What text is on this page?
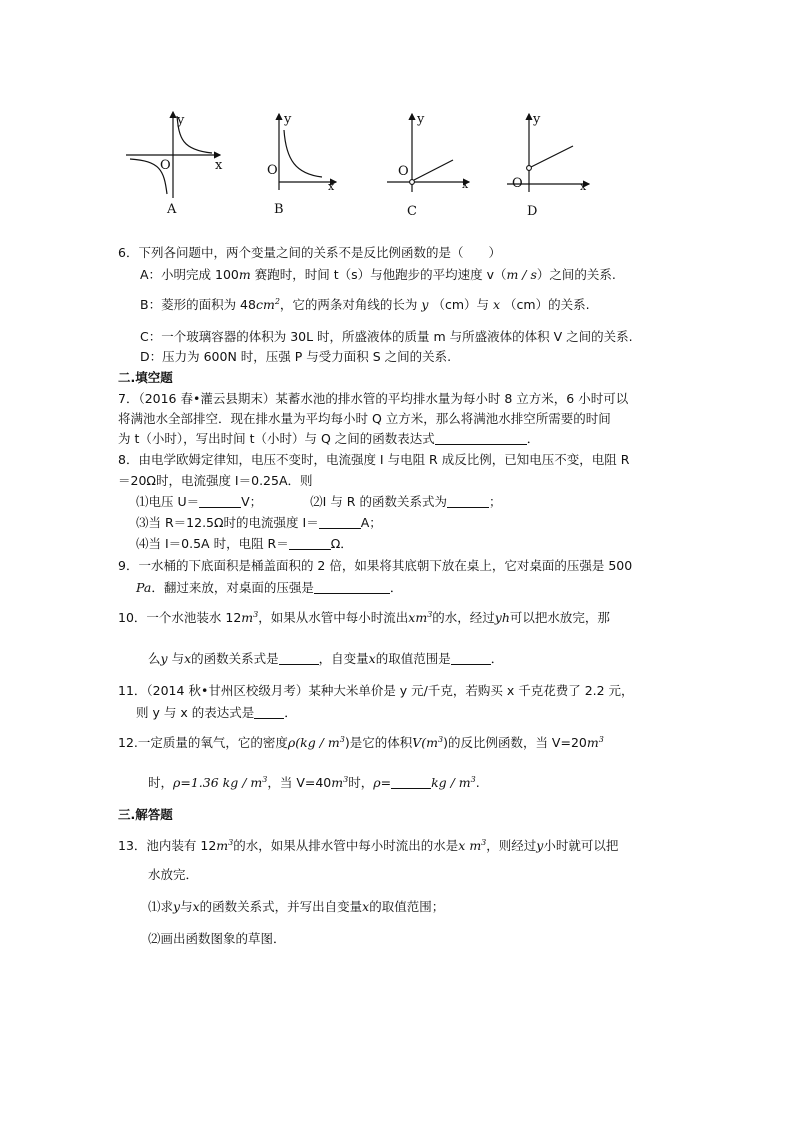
y
O	x
y
O
x
y
O
x
y
O	x
A	B	C	D
6．下列各问题中，两个变量之间的关系不是反比例函数的是（　　）
A：小明完成 100m 赛跑时，时间 t（s）与他跑步的平均速度 v（m / s）之间的关系.
B：菱形的面积为 $48cm^2$，它的两条对角线的长为 y （cm）与 x （cm）的关系.
C：一个玻璃容器的体积为 30L 时，所盛液体的质量 m 与所盛液体的体积 V 之间的关系.
D：压力为 600N 时，压强 P 与受力面积 S 之间的关系.
二.填空题
7．（2016 春•灌云县期末）某蓄水池的排水管的平均排水量为每小时 8 立方米，6 小时可以
将满池水全部排空．现在排水量为平均每小时 Q 立方米，那么将满池水排空所需要的时间
为 t（小时），写出时间 t（小时）与 Q 之间的函数表达式	．
8．由电学欧姆定律知，电压不变时，电流强度 I 与电阻 R 成反比例，已知电压不变，电阻 R
＝20Ω时，电流强度 I＝0.25A．则
⑴电压 U＝	V；	⑵I 与 R 的函数关系式为	；
⑶当 R＝12.5Ω时的电流强度 I＝	A；
⑷当 I＝0.5A 时，电阻 R＝	Ω．
9．一水桶的下底面积是桶盖面积的 2 倍，如果将其底朝下放在桌上，它对桌面的压强是 500
Pa．翻过来放，对桌面的压强是	．
10．一个水池装水 $12m^3$，如果从水管中每小时流出$xm^3$的水，经过yh可以把水放完，那
么y 与x的函数关系式是	，自变量x的取值范围是	．
11．（2014 秋•甘州区校级月考）某种大米单价是 y 元/千克，若购买 x 千克花费了 2.2 元，
则 y 与 x 的表达式是 ．
12.一定质量的氧气，它的密度$\rho(kg / m^3)$是它的体积$V(m^3)$的反比例函数，当 $V=20m^3$
时，ρ=1.36 kg / $m^3$，当 $V=40m^3$时，ρ=	kg / $m^3$.
三.解答题
13．池内装有 $12m^3$的水，如果从排水管中每小时流出的水是x $m^3$，则经过y小时就可以把
水放完．
⑴求y与x的函数关系式，并写出自变量x的取值范围；
⑵画出函数图象的草图．
